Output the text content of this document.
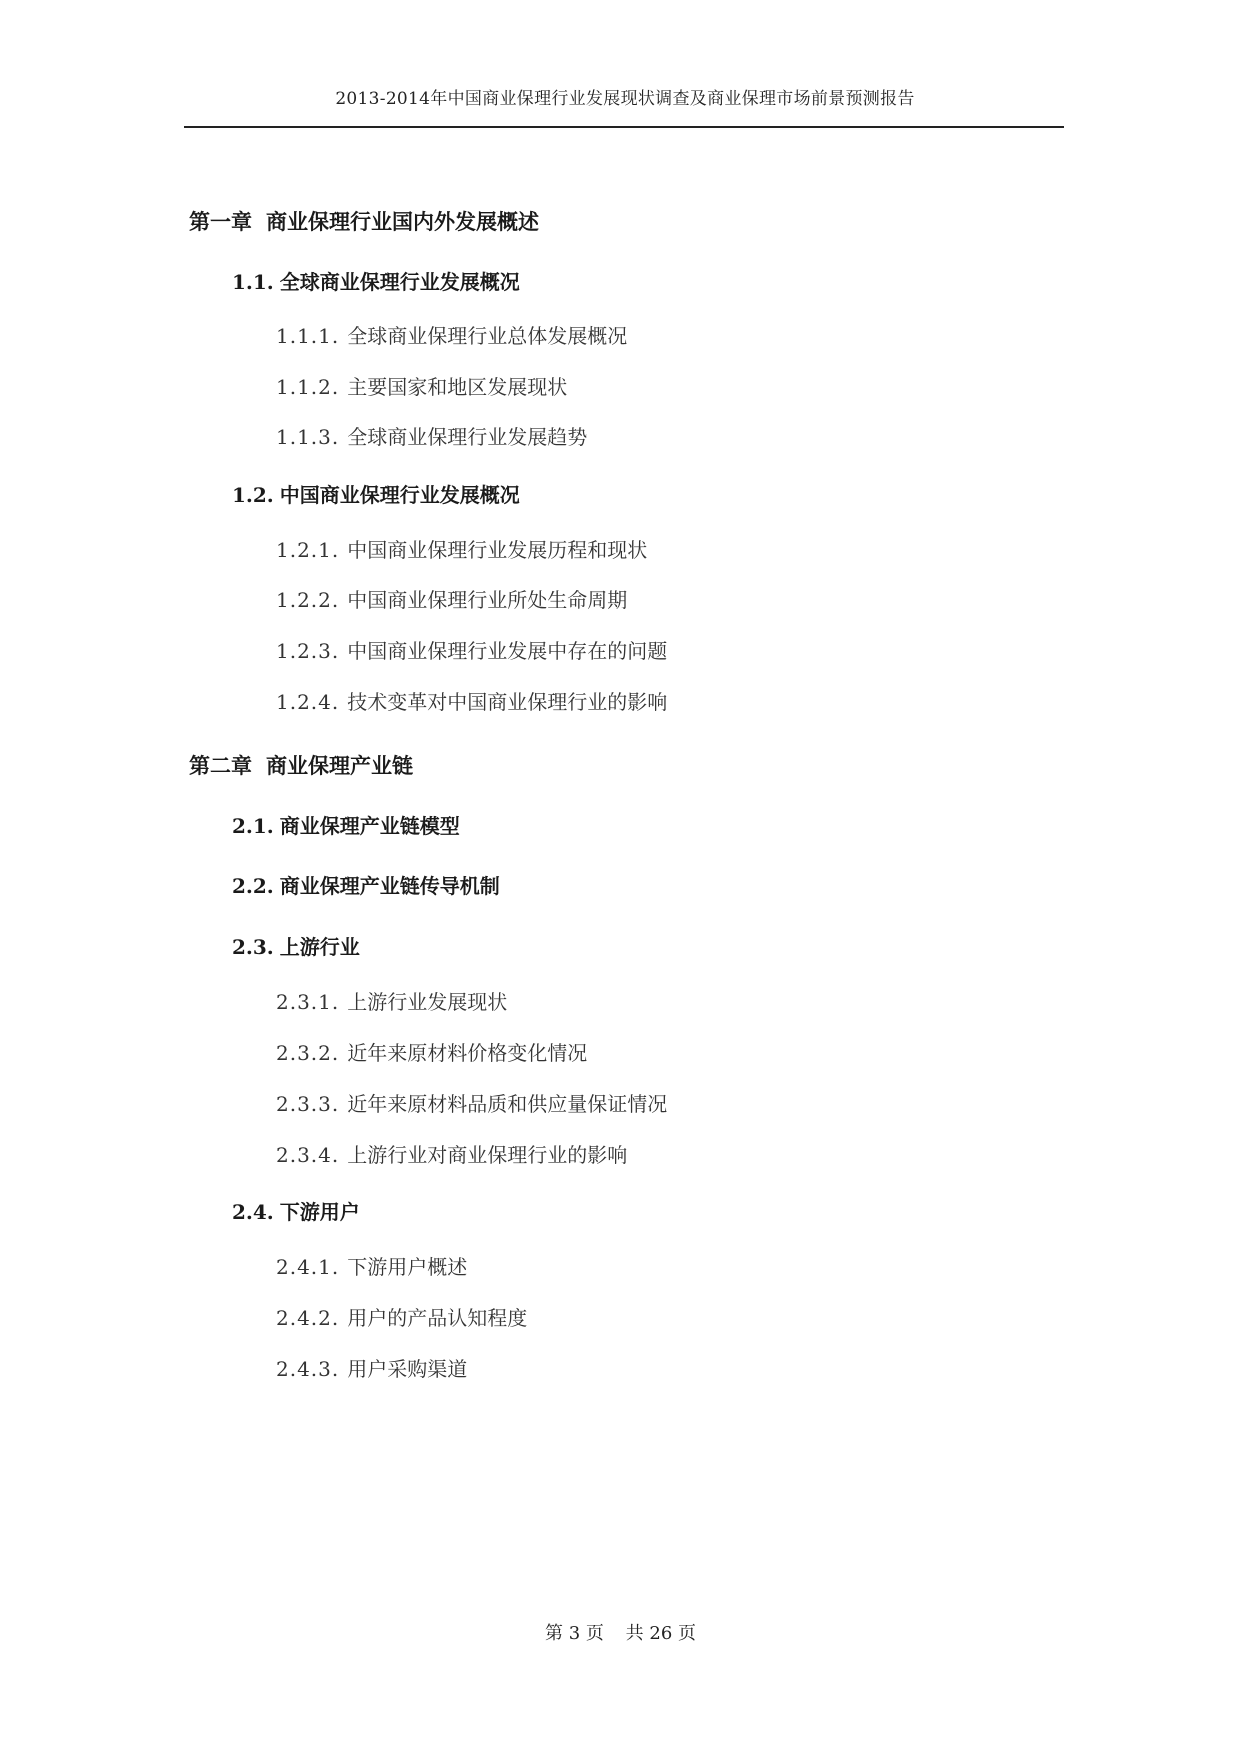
2013-2014年中国商业保理行业发展现状调查及商业保理市场前景预测报告
第一章 商业保理行业国内外发展概述
1.1. 全球商业保理行业发展概况
1.1.1. 全球商业保理行业总体发展概况
1.1.2. 主要国家和地区发展现状
1.1.3. 全球商业保理行业发展趋势
1.2. 中国商业保理行业发展概况
1.2.1. 中国商业保理行业发展历程和现状
1.2.2. 中国商业保理行业所处生命周期
1.2.3. 中国商业保理行业发展中存在的问题
1.2.4. 技术变革对中国商业保理行业的影响
第二章 商业保理产业链
2.1. 商业保理产业链模型
2.2. 商业保理产业链传导机制
2.3. 上游行业
2.3.1. 上游行业发展现状
2.3.2. 近年来原材料价格变化情况
2.3.3. 近年来原材料品质和供应量保证情况
2.3.4. 上游行业对商业保理行业的影响
2.4. 下游用户
2.4.1. 下游用户概述
2.4.2. 用户的产品认知程度
2.4.3. 用户采购渠道
第 3 页 共 26 页
